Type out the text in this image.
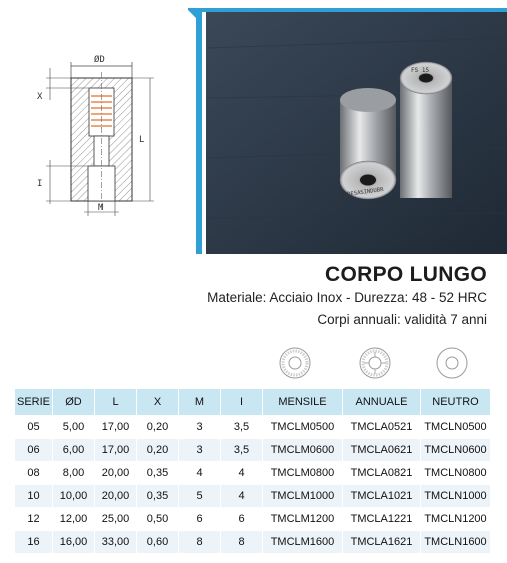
ØD
X
L
I
M
FS 15
GADESASINDUBR
CORPO LUNGO

Materiale: Acciaio Inox - Durezza: 48 - 52 HRC

Corpi annuali: validità 7 anni

SERIE	ØD	L	X	M	I	MENSILE	ANNUALE	NEUTRO
05	5,00	17,00	0,20	3	3,5	TMCLM0500	TMCLA0521	TMCLN0500
06	6,00	17,00	0,20	3	3,5	TMCLM0600	TMCLA0621	TMCLN0600
08	8,00	20,00	0,35	4	4	TMCLM0800	TMCLA0821	TMCLN0800
10	10,00	20,00	0,35	5	4	TMCLM1000	TMCLA1021	TMCLN1000
12	12,00	25,00	0,50	6	6	TMCLM1200	TMCLA1221	TMCLN1200
16	16,00	33,00	0,60	8	8	TMCLM1600	TMCLA1621	TMCLN1600
